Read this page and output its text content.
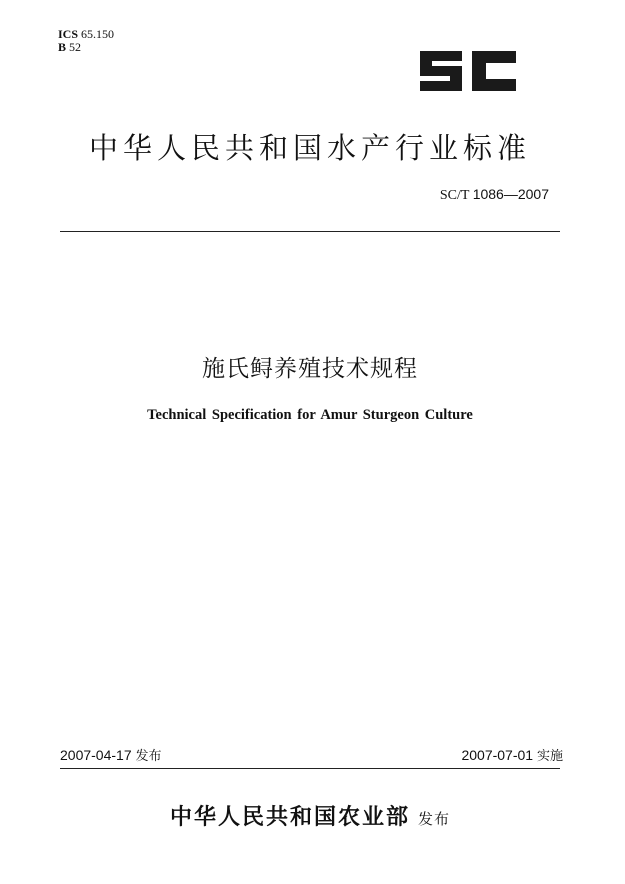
ICS 65.150
B 52
中华人民共和国水产行业标准
SC/T 1086—2007
施氏鲟养殖技术规程
Technical Specification for Amur Sturgeon Culture
2007-04-17 发布	2007-07-01 实施
中华人民共和国农业部 发布
